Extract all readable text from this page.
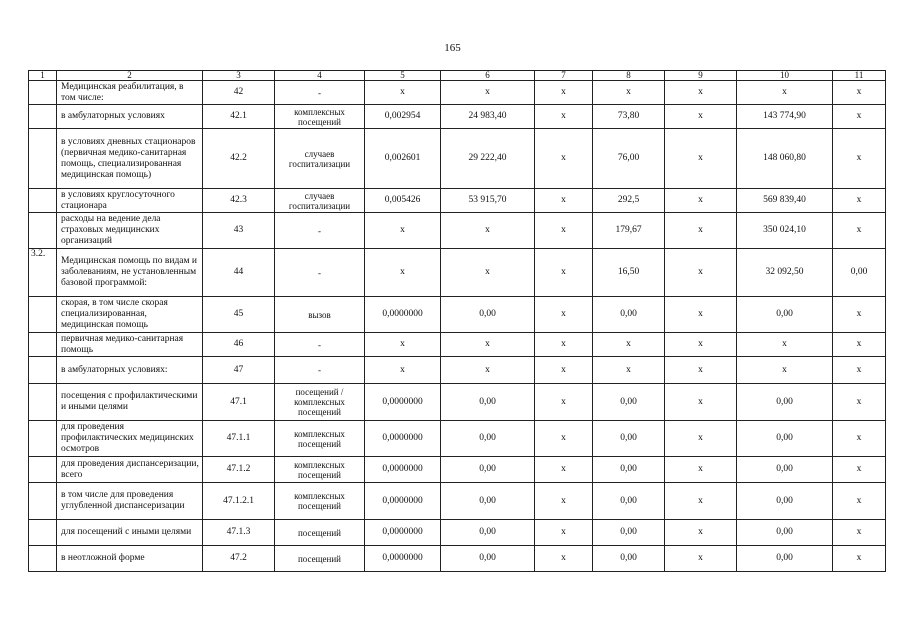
165
1	2	3	4	5	6	7	8	9	10	11
	Медицинская реабилитация, в том числе:	42	-	x	x	x	x	x	x	x
	в амбулаторных условиях	42.1	комплексных посещений	0,002954	24 983,40	x	73,80	x	143 774,90	x
	в условиях дневных стационаров (первичная медико-санитарная помощь, специализированная медицинская помощь)	42.2	случаев госпитализации	0,002601	29 222,40	x	76,00	x	148 060,80	x
	в условиях круглосуточного стационара	42.3	случаев госпитализации	0,005426	53 915,70	x	292,5	x	569 839,40	x
	расходы на ведение дела страховых медицинских организаций	43	-	x	x	x	179,67	x	350 024,10	x
3.2.	Медицинская помощь по видам и заболеваниям, не установленным базовой программой:	44	-	x	x	x	16,50	x	32 092,50	0,00
	скорая, в том числе скорая специализированная, медицинская помощь	45	вызов	0,0000000	0,00	x	0,00	x	0,00	x
	первичная медико-санитарная помощь	46	-	x	x	x	x	x	x	x
	в амбулаторных условиях:	47	-	x	x	x	x	x	x	x
	посещения с профилактическими и иными целями	47.1	посещений / комплексных посещений	0,0000000	0,00	x	0,00	x	0,00	x
	для проведения профилактических медицинских осмотров	47.1.1	комплексных посещений	0,0000000	0,00	x	0,00	x	0,00	x
	для проведения диспансеризации, всего	47.1.2	комплексных посещений	0,0000000	0,00	x	0,00	x	0,00	x
	в том числе для проведения углубленной диспансеризации	47.1.2.1	комплексных посещений	0,0000000	0,00	x	0,00	x	0,00	x
	для посещений с иными целями	47.1.3	посещений	0,0000000	0,00	x	0,00	x	0,00	x
	в неотложной форме	47.2	посещений	0,0000000	0,00	x	0,00	x	0,00	x
